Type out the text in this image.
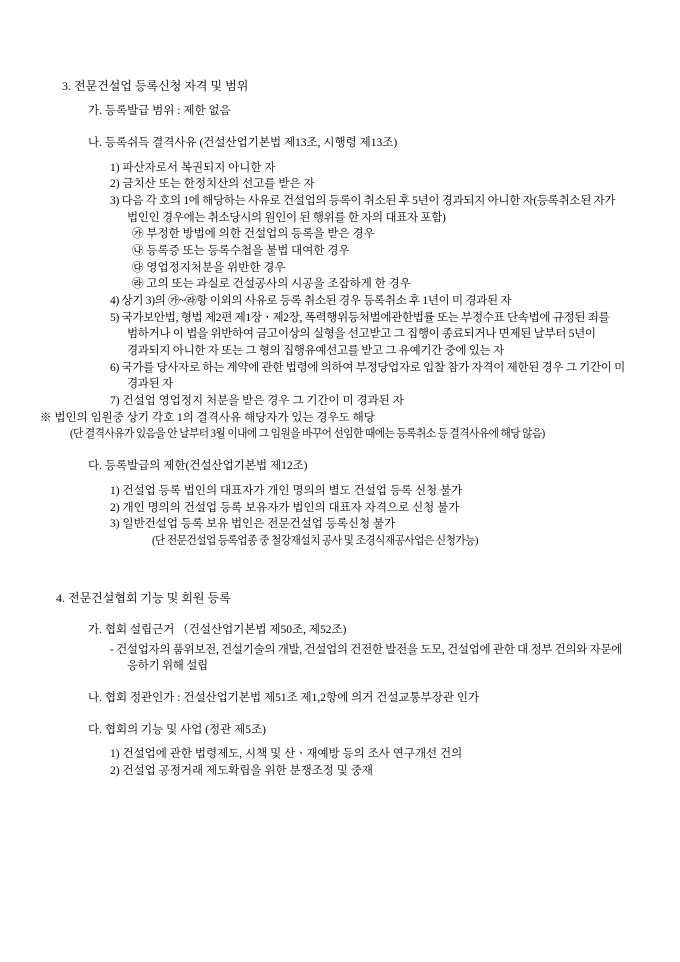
3. 전문건설업 등록신청 자격 및 범위
가. 등록발급 범위 : 제한 없음
나. 등록쉬득 결격사유 (건설산업기본법 제13조, 시행령 제13조)
1) 파산자로서 복권되지 아니한 자
2) 금치산 또는 한정치산의 선고를 받은 자
3) 다음 각 호의 1에 해당하는 사유로 건설업의 등록이 취소된 후 5년이 경과되지 아니한 자(등록취소된 자가 법인인 경우에는 취소당시의 원인이 된 행위를 한 자의 대표자 포함)
㉮ 부정한 방법에 의한 건설업의 등록을 받은 경우
㉯ 등록증 또는 등록수첩을 불법 대여한 경우
㉰ 영업정지처분을 위반한 경우
㉱ 고의 또는 과실로 건설공사의 시공을 조잡하게 한 경우
4) 상기 3)의 ㉮~㉱항 이외의 사유로 등록 취소된 경우 등록취소 후 1년이 미 경과된 자
5) 국가보안법, 형법 제2편 제1장ㆍ제2장, 폭력행위등처벌에관한법률 또는 부정수표 단속법에 규정된 죄를 범하거나 이 법을 위반하여 금고이상의 실형을 선고받고 그 집행이 종료되거나 면제된 날부터 5년이 경과되지 아니한 자 또는 그 형의 집행유예선고를 받고 그 유예기간 중에 있는 자
6) 국가를 당사자로 하는 계약에 관한 법령에 의하여 부정당업자로 입찰 참가 자격이 제한된 경우 그 기간이 미 경과된 자
7) 건설업 영업정지 처분을 받은 경우 그 기간이 미 경과된 자
※ 법인의 임원중 상기 각호 1의 결격사유 해당자가 있는 경우도 해당
(단 결격사유가 있음을 안 날부터 3월 이내에 그 임원을 바꾸어 선임한 때에는 등록취소 등 결격사유에 해당 않음)
다. 등록발급의 제한(건설산업기본법 제12조)
1) 건설업 등록 법인의 대표자가 개인 명의의 별도 건설업 등록 신청 불가
2) 개인 명의의 건설업 등록 보유자가 법인의 대표자 자격으로 신청 불가
3) 일반건설업 등록 보유 법인은 전문건설업 등록신청 불가
(단 전문건설업 등록업종 중 철강재설치 공사 및 조경식재공사업은 신청가능)
4. 전문건설협회 기능 및 회원 등록
가. 협회 설립근거 （건설산업기본법 제50조, 제52조)
- 건설업자의 품위보전, 건설기술의 개발, 건설업의 건전한 발전을 도모, 건설업에 관한 대 정부 건의와 자문에 응하기 위해 설립
나. 협회 정관인가 : 건설산업기본법 제51조 제1,2항에 의거 건설교통부장관 인가
다. 협회의 기능 및 사업 (정관 제5조)
1) 건설업에 관한 법령제도, 시책 및 산ㆍ재예방 등의 조사 연구개선 건의
2) 건설업 공정거래 제도확립을 위한 분쟁조정 및 중재
